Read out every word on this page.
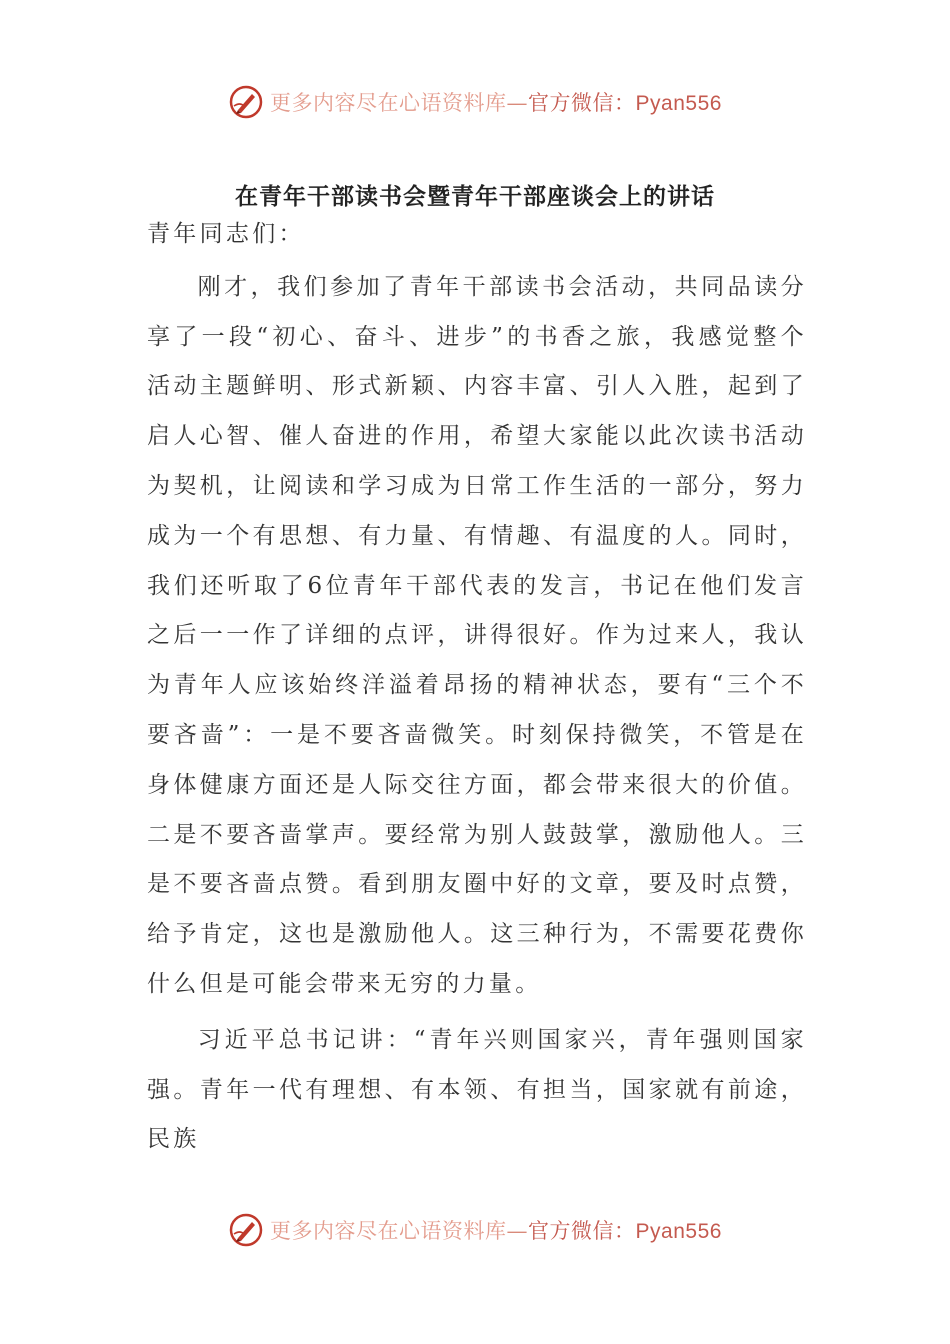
更多内容尽在心语资料库—官方微信：Pyan556
在青年干部读书会暨青年干部座谈会上的讲话

青年同志们：

刚才，我们参加了青年干部读书会活动，共同品读分享了一段“初心、奋斗、进步”的书香之旅，我感觉整个活动主题鲜明、形式新颖、内容丰富、引人入胜，起到了启人心智、催人奋进的作用，希望大家能以此次读书活动为契机，让阅读和学习成为日常工作生活的一部分，努力成为一个有思想、有力量、有情趣、有温度的人。同时，我们还听取了6位青年干部代表的发言，书记在他们发言之后一一作了详细的点评，讲得很好。作为过来人，我认为青年人应该始终洋溢着昂扬的精神状态，要有“三个不要吝啬”：一是不要吝啬微笑。时刻保持微笑，不管是在身体健康方面还是人际交往方面，都会带来很大的价值。二是不要吝啬掌声。要经常为别人鼓鼓掌，激励他人。三是不要吝啬点赞。看到朋友圈中好的文章，要及时点赞，给予肯定，这也是激励他人。这三种行为，不需要花费你什么但是可能会带来无穷的力量。

习近平总书记讲：“青年兴则国家兴，青年强则国家强。青年一代有理想、有本领、有担当，国家就有前途，民族

更多内容尽在心语资料库—官方微信：Pyan556
